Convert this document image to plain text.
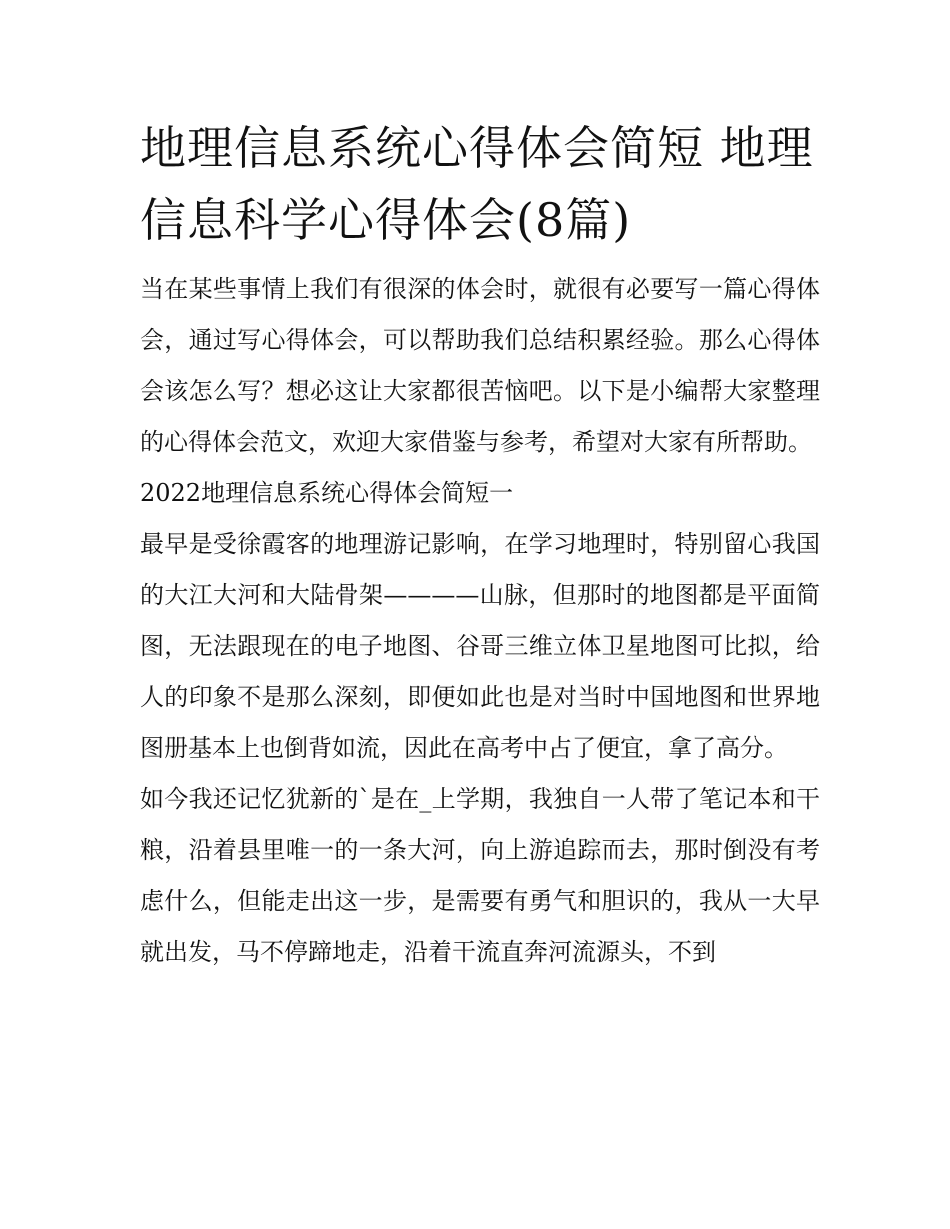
地理信息系统心得体会简短 地理信息科学心得体会(8篇)

当在某些事情上我们有很深的体会时，就很有必要写一篇心得体会，通过写心得体会，可以帮助我们总结积累经验。那么心得体会该怎么写？想必这让大家都很苦恼吧。以下是小编帮大家整理的心得体会范文，欢迎大家借鉴与参考，希望对大家有所帮助。

2022地理信息系统心得体会简短一

最早是受徐霞客的地理游记影响，在学习地理时，特别留心我国的大江大河和大陆骨架————山脉，但那时的地图都是平面简图，无法跟现在的电子地图、谷哥三维立体卫星地图可比拟，给人的印象不是那么深刻，即便如此也是对当时中国地图和世界地图册基本上也倒背如流，因此在高考中占了便宜，拿了高分。

如今我还记忆犹新的`是在_上学期，我独自一人带了笔记本和干粮，沿着县里唯一的一条大河，向上游追踪而去，那时倒没有考虑什么，但能走出这一步，是需要有勇气和胆识的，我从一大早就出发，马不停蹄地走，沿着干流直奔河流源头，不到
